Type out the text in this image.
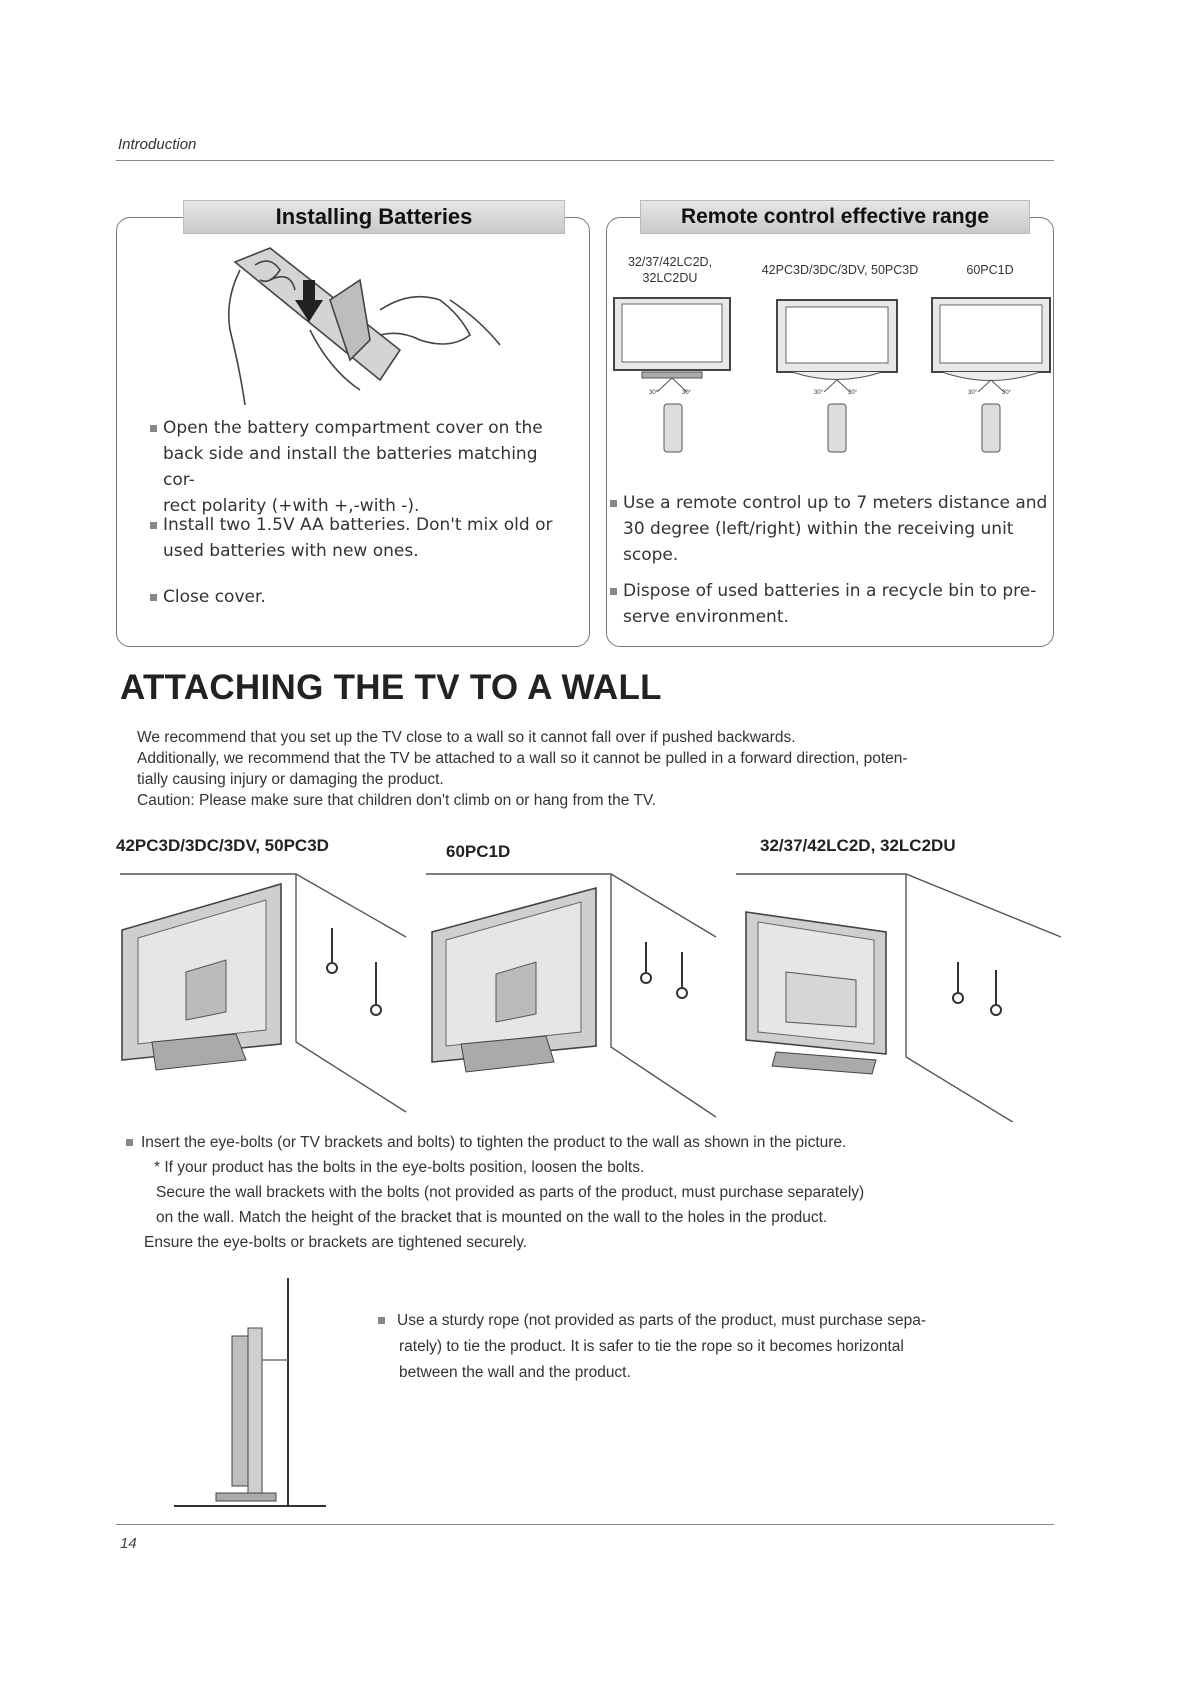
Introduction
Installing Batteries
Open the battery compartment cover on the
back side and install the batteries matching cor-
rect polarity (+with +,-with -).
Install two 1.5V AA batteries. Don't mix old or
used batteries with new ones.
Close cover.
Remote control effective range
32/37/42LC2D,
32LC2DU
42PC3D/3DC/3DV, 50PC3D	60PC1D
30°	30°	30°	30°	30°	30°
Use a remote control up to 7 meters distance and
30 degree (left/right) within the receiving unit
scope.
Dispose of used batteries in a recycle bin to pre-
serve environment.
ATTACHING THE TV TO A WALL
We recommend that you set up the TV close to a wall so it cannot fall over if pushed backwards.
Additionally, we recommend that the TV be attached to a wall so it cannot be pulled in a forward direction, poten-
tially causing injury or damaging the product.
Caution: Please make sure that children don't climb on or hang from the TV.
42PC3D/3DC/3DV, 50PC3D	60PC1D	32/37/42LC2D, 32LC2DU
Insert the eye-bolts (or TV brackets and bolts) to tighten the product to the wall as shown in the picture.
* If your product has the bolts in the eye-bolts position, loosen the bolts.
Secure the wall brackets with the bolts (not provided as parts of the product, must purchase separately)
on the wall. Match the height of the bracket that is mounted on the wall to the holes in the product.
Ensure the eye-bolts or brackets are tightened securely.
Use a sturdy rope (not provided as parts of the product, must purchase sepa-
rately) to tie the product. It is safer to tie the rope so it becomes horizontal
between the wall and the product.
14
